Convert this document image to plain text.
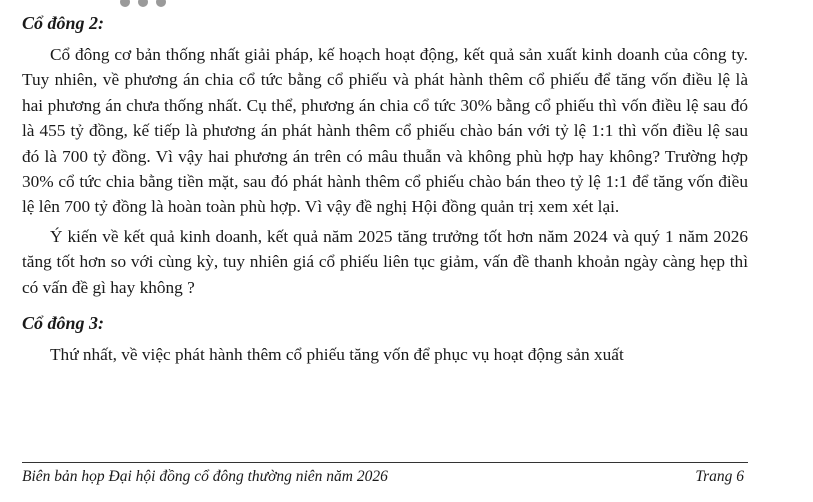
Cổ đông 2:

Cổ đông cơ bản thống nhất giải pháp, kế hoạch hoạt động, kết quả sản xuất kinh doanh của công ty. Tuy nhiên, về phương án chia cổ tức bằng cổ phiếu và phát hành thêm cổ phiếu để tăng vốn điều lệ là hai phương án chưa thống nhất. Cụ thể, phương án chia cổ tức 30% bằng cổ phiếu thì vốn điều lệ sau đó là 455 tỷ đồng, kế tiếp là phương án phát hành thêm cổ phiếu chào bán với tỷ lệ 1:1 thì vốn điều lệ sau đó là 700 tỷ đồng. Vì vậy hai phương án trên có mâu thuẫn và không phù hợp hay không? Trường hợp 30% cổ tức chia bằng tiền mặt, sau đó phát hành thêm cổ phiếu chào bán theo tỷ lệ 1:1 để tăng vốn điều lệ lên 700 tỷ đồng là hoàn toàn phù hợp. Vì vậy đề nghị Hội đồng quản trị xem xét lại.

Ý kiến về kết quả kinh doanh, kết quả năm 2025 tăng trưởng tốt hơn năm 2024 và quý 1 năm 2026 tăng tốt hơn so với cùng kỳ, tuy nhiên giá cổ phiếu liên tục giảm, vấn đề thanh khoản ngày càng hẹp thì có vấn đề gì hay không ?

Cổ đông 3:

Thứ nhất, về việc phát hành thêm cổ phiếu tăng vốn để phục vụ hoạt động sản xuất

Biên bản họp Đại hội đồng cổ đông thường niên năm 2026	Trang 6
